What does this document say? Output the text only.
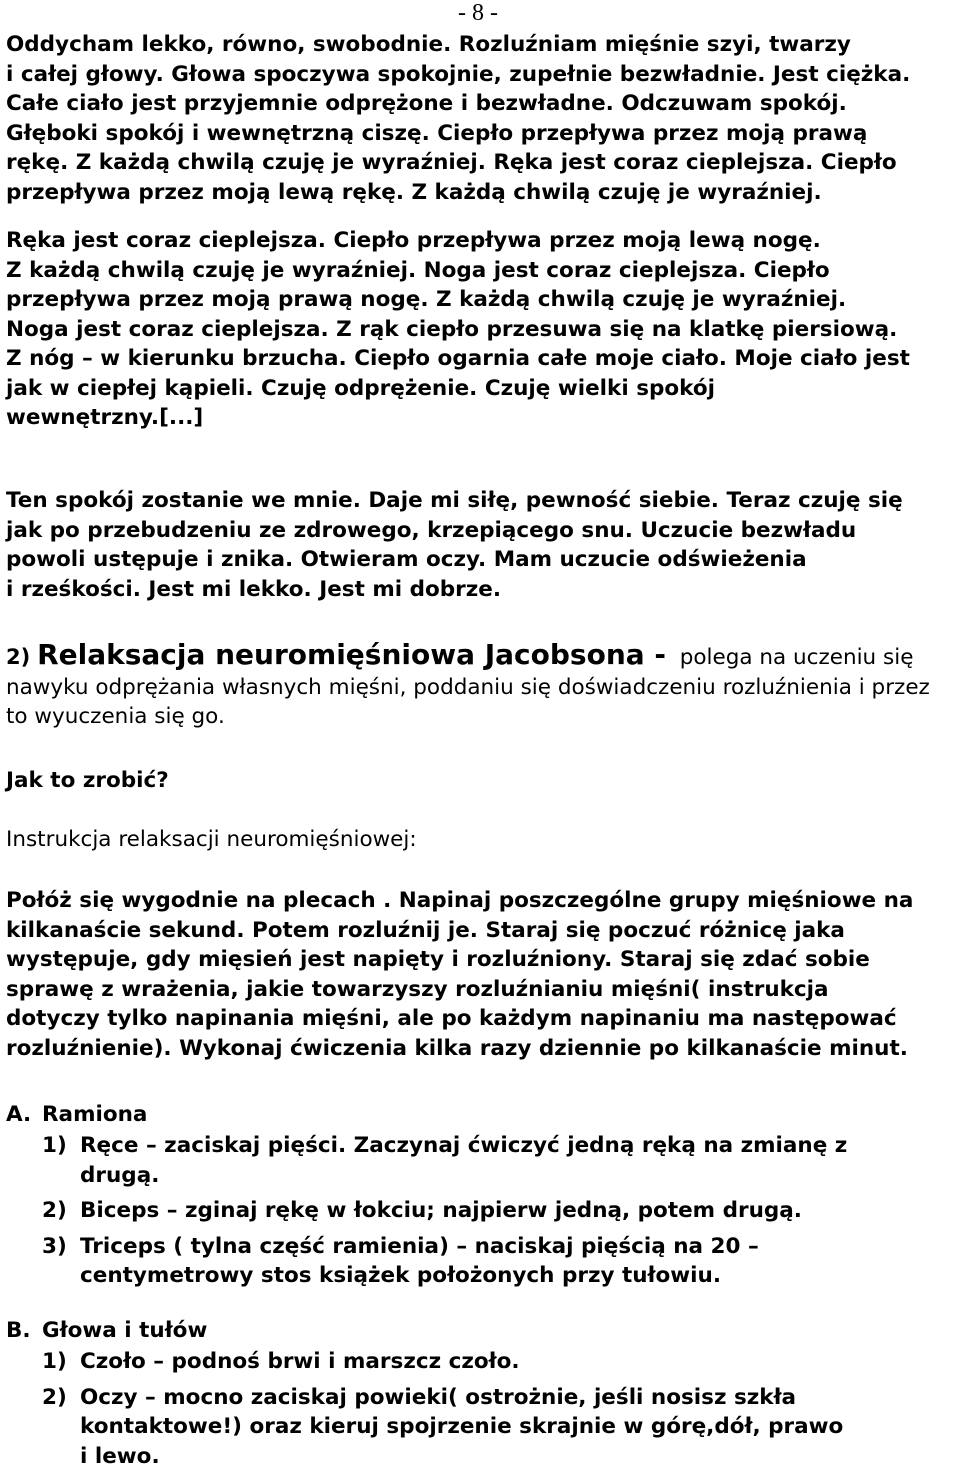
- 8 -
Oddycham lekko, równo, swobodnie. Rozluźniam mięśnie szyi, twarzy
i całej głowy. Głowa spoczywa spokojnie, zupełnie bezwładnie. Jest ciężka.
Całe ciało jest przyjemnie odprężone i bezwładne. Odczuwam spokój.
Głęboki spokój i wewnętrzną ciszę. Ciepło przepływa przez moją prawą
rękę. Z każdą chwilą czuję je wyraźniej. Ręka jest coraz cieplejsza. Ciepło
przepływa przez moją lewą rękę. Z każdą chwilą czuję je wyraźniej.
Ręka jest coraz cieplejsza. Ciepło przepływa przez moją lewą nogę.
Z każdą chwilą czuję je wyraźniej. Noga jest coraz cieplejsza. Ciepło
przepływa przez moją prawą nogę. Z każdą chwilą czuję je wyraźniej.
Noga jest coraz cieplejsza. Z rąk ciepło przesuwa się na klatkę piersiową.
Z nóg – w kierunku brzucha. Ciepło ogarnia całe moje ciało. Moje ciało jest
jak w ciepłej kąpieli. Czuję odprężenie. Czuję wielki spokój
wewnętrzny.[...]
Ten spokój zostanie we mnie. Daje mi siłę, pewność siebie. Teraz czuję się
jak po przebudzeniu ze zdrowego, krzepiącego snu. Uczucie bezwładu
powoli ustępuje i znika. Otwieram oczy. Mam uczucie odświeżenia
i rześkości. Jest mi lekko. Jest mi dobrze.
2) Relaksacja neuromięśniowa Jacobsona - polega na uczeniu się
nawyku odprężania własnych mięśni, poddaniu się doświadczeniu rozluźnienia i przez
to wyuczenia się go.
Jak to zrobić?
Instrukcja relaksacji neuromięśniowej:
Połóż się wygodnie na plecach . Napinaj poszczególne grupy mięśniowe na
kilkanaście sekund. Potem rozluźnij je. Staraj się poczuć różnicę jaka
występuje, gdy mięsień jest napięty i rozluźniony. Staraj się zdać sobie
sprawę z wrażenia, jakie towarzyszy rozluźnianiu mięśni( instrukcja
dotyczy tylko napinania mięśni, ale po każdym napinaniu ma następować
rozluźnienie). Wykonaj ćwiczenia kilka razy dziennie po kilkanaście minut.
A. Ramiona
1) Ręce – zaciskaj pięści. Zaczynaj ćwiczyć jedną ręką na zmianę z
drugą.
2) Biceps – zginaj rękę w łokciu; najpierw jedną, potem drugą.
3) Triceps ( tylna część ramienia) – naciskaj pięścią na 20 –
centymetrowy stos książek położonych przy tułowiu.
B. Głowa i tułów
1) Czoło – podnoś brwi i marszcz czoło.
2) Oczy – mocno zaciskaj powieki( ostrożnie, jeśli nosisz szkła
kontaktowe!) oraz kieruj spojrzenie skrajnie w górę,dół, prawo
i lewo.
